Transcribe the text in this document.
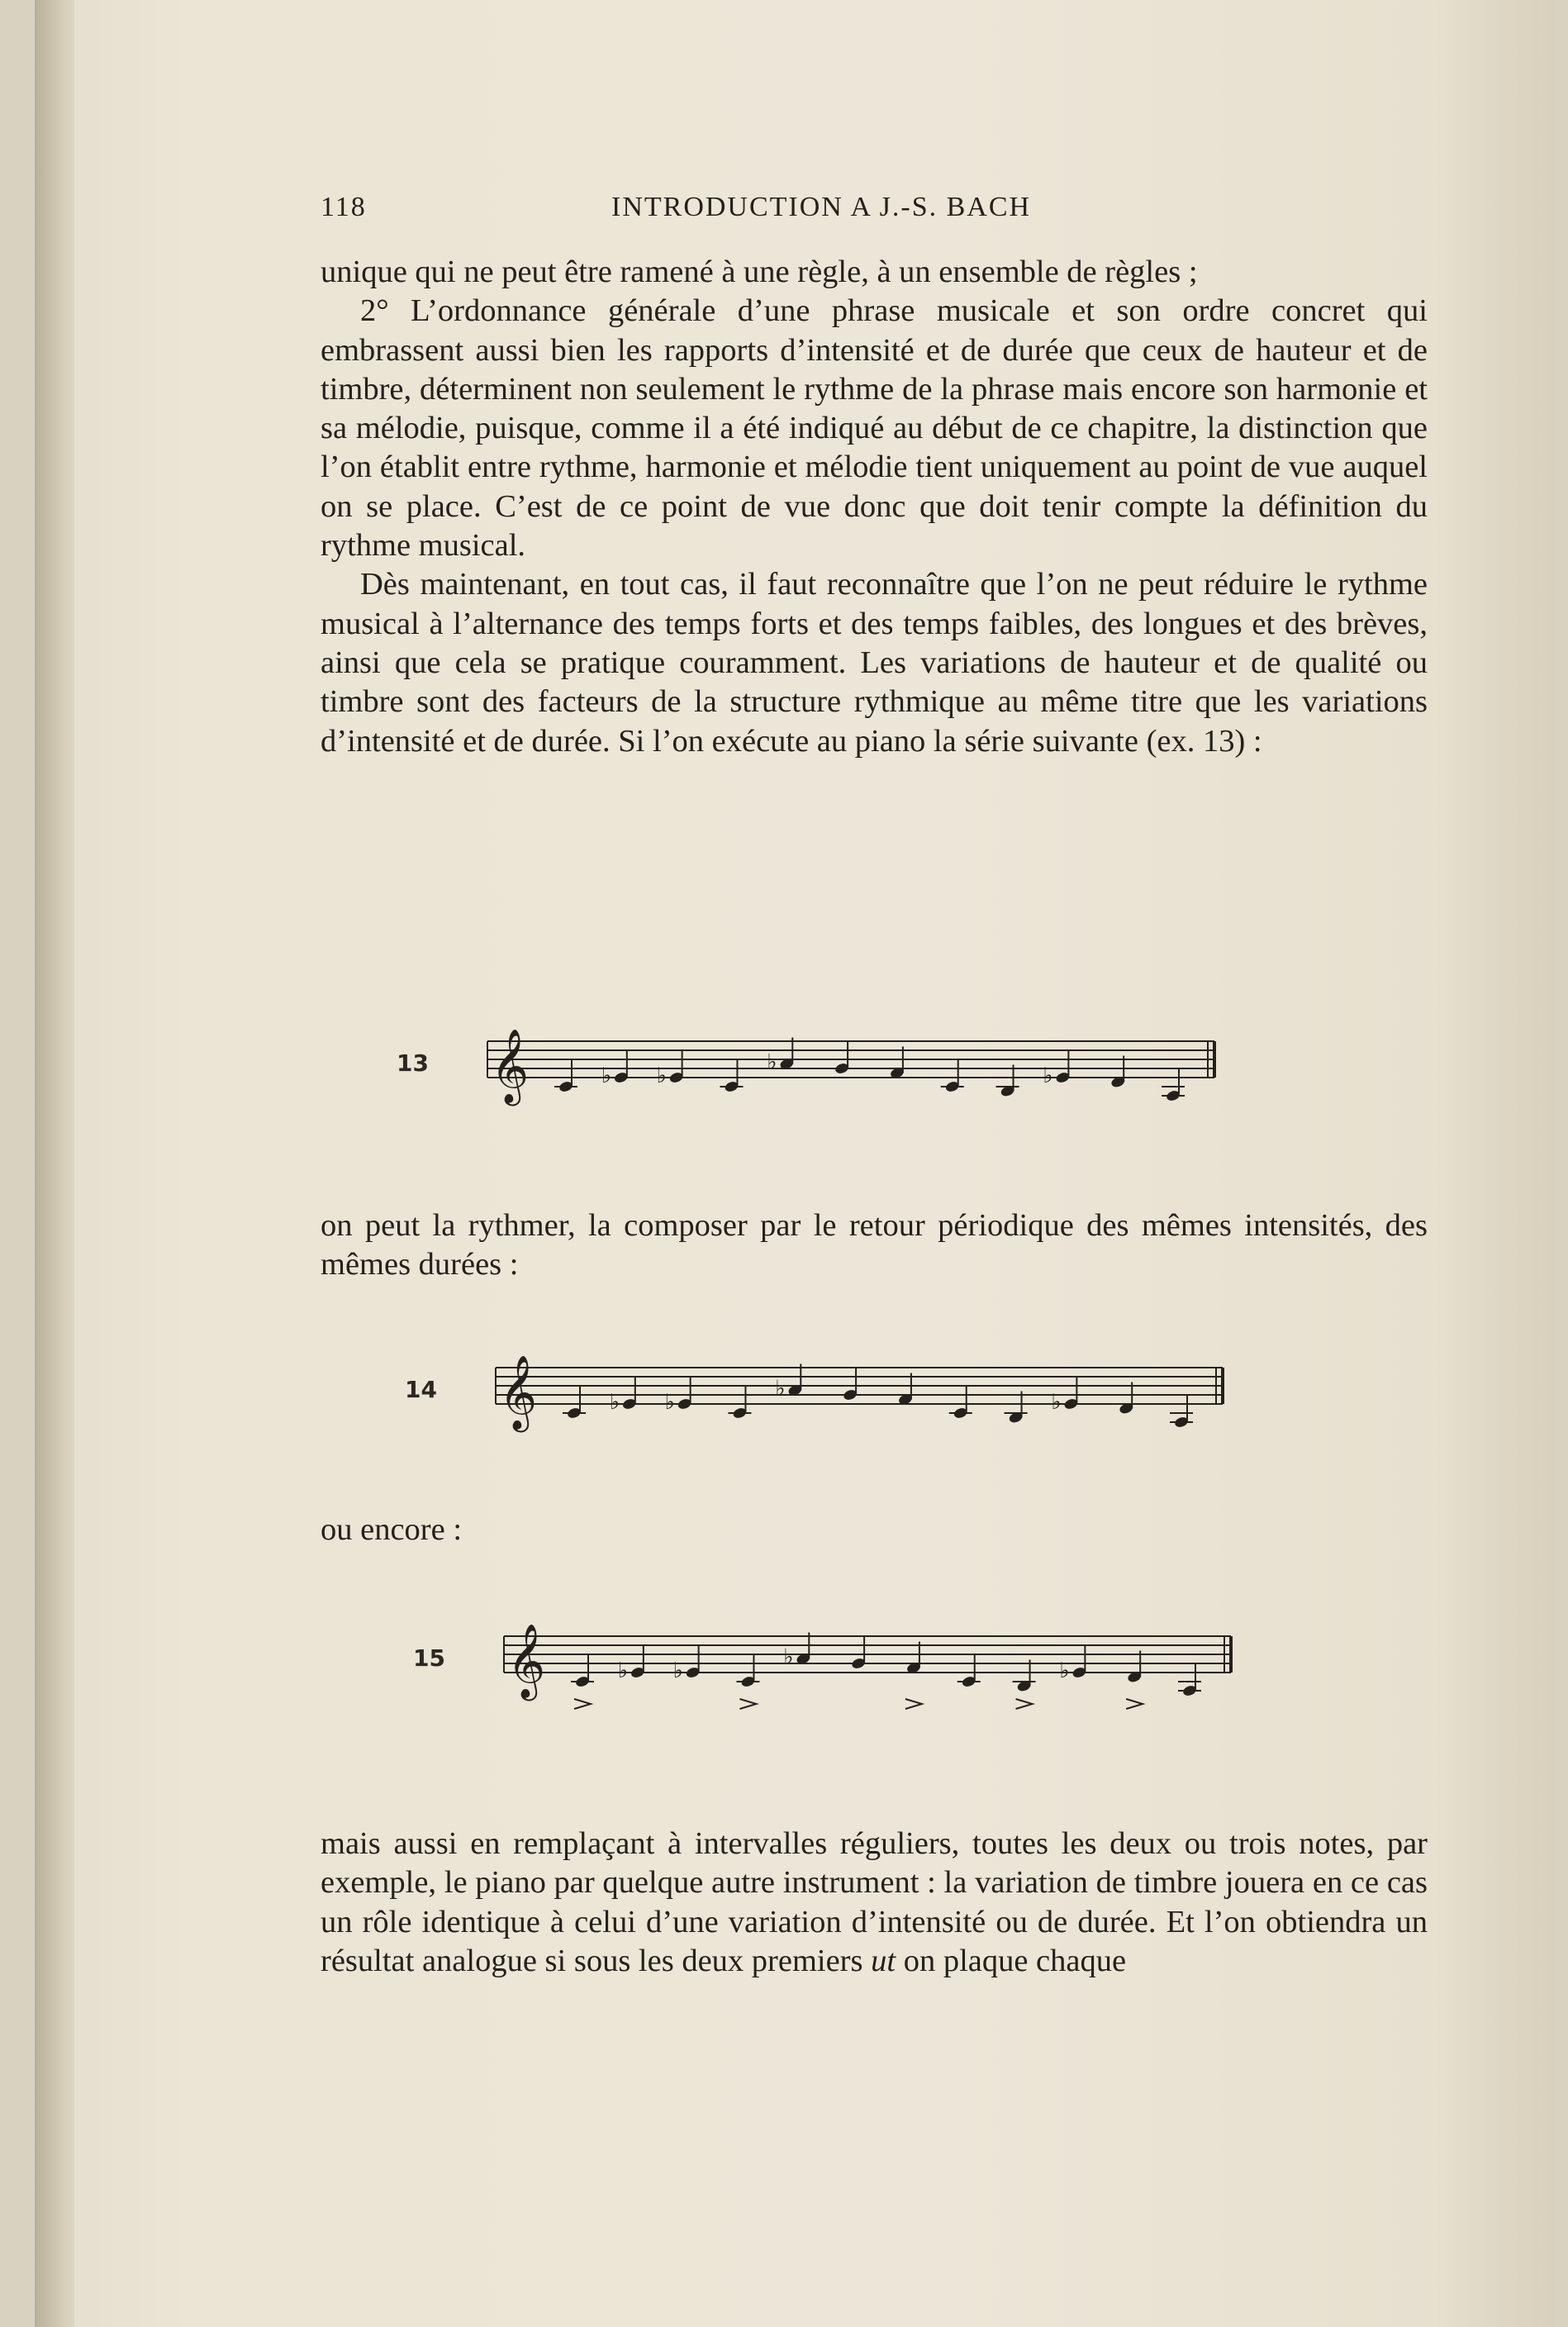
118	INTRODUCTION A J.-S. BACH

unique qui ne peut être ramené à une règle, à un ensemble de règles ;

2° L’ordonnance générale d’une phrase musicale et son ordre concret qui embrassent aussi bien les rapports d’intensité et de durée que ceux de hauteur et de timbre, déterminent non seulement le rythme de la phrase mais encore son harmonie et sa mélodie, puisque, comme il a été indiqué au début de ce chapitre, la distinction que l’on établit entre rythme, harmonie et mélodie tient uniquement au point de vue auquel on se place. C’est de ce point de vue donc que doit tenir compte la définition du rythme musical.

Dès maintenant, en tout cas, il faut reconnaître que l’on ne peut réduire le rythme musical à l’alternance des temps forts et des temps faibles, des longues et des brèves, ainsi que cela se pratique couramment. Les variations de hauteur et de qualité ou timbre sont des facteurs de la structure rythmique au même titre que les variations d’intensité et de durée. Si l’on exécute au piano la série suivante (ex. 13) :

13 𝄞	♭ ♭
♭
♭

on peut la rythmer, la composer par le retour périodique des mêmes intensités, des mêmes durées :

14 𝄞	♭ ♭
♭
♭

ou encore :

15 𝄞	♭ ♭
♭
♭

mais aussi en remplaçant à intervalles réguliers, toutes les deux ou trois notes, par exemple, le piano par quelque autre instrument : la variation de timbre jouera en ce cas un rôle identique à celui d’une variation d’intensité ou de durée. Et l’on obtiendra un résultat analogue si sous les deux premiers ut on plaque chaque
